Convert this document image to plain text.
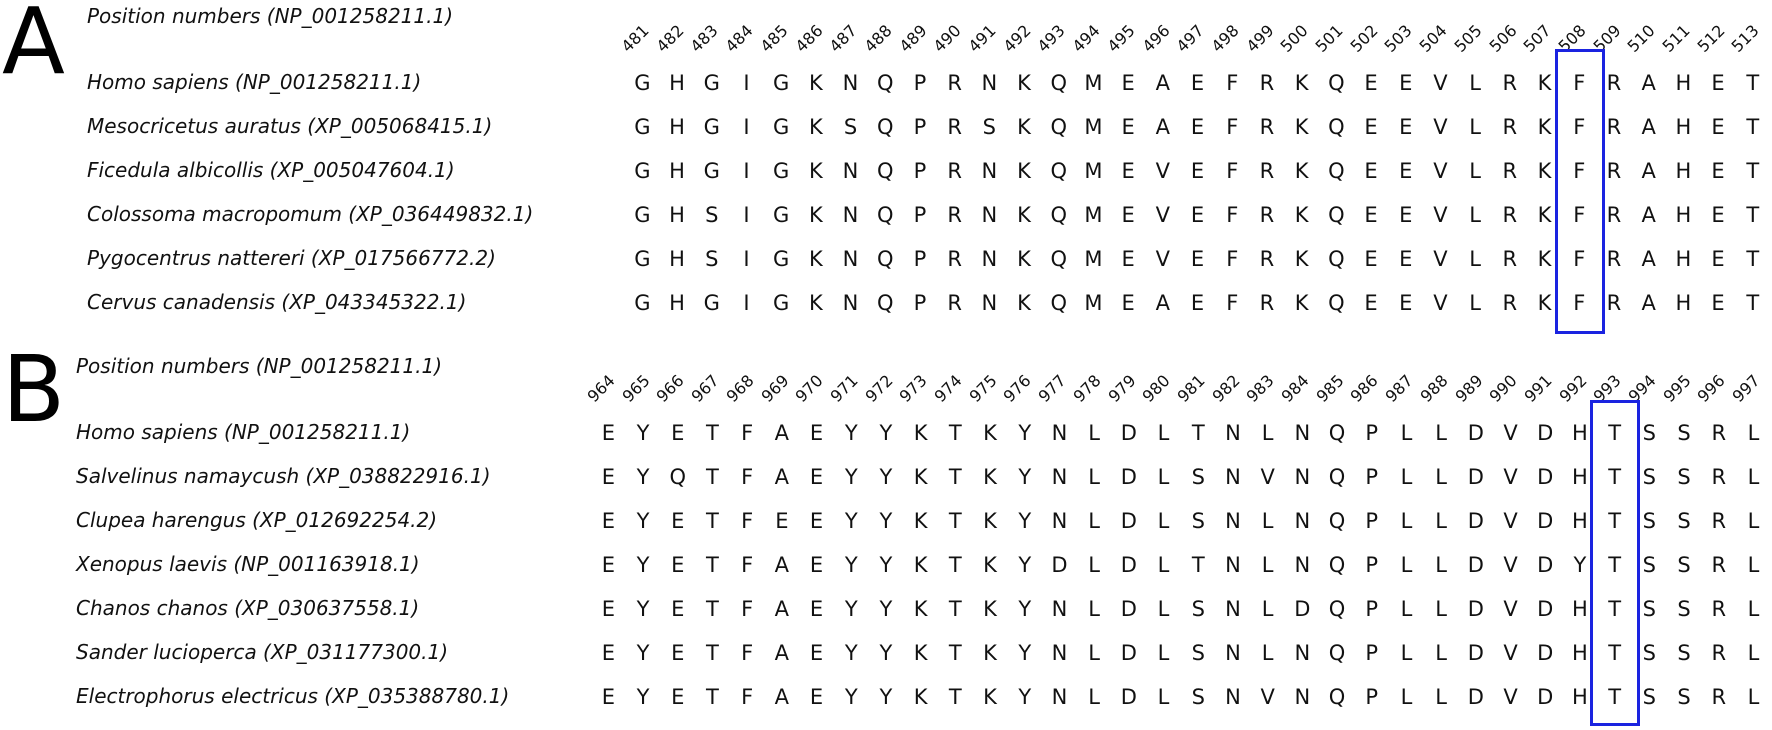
A Position numbers (NP_001258211.1)
481 482 483 484 485 486 487 488 489 490 491 492 493 494 495 496 497 498 499 500 501 502 503 504 505 506 507 508 509 510 511 512 513
Homo sapiens (NP_001258211.1)	G H G	I	G K N Q P	R N K Q M E A E	F	R K Q E	E V	L	R K	F	R A H E	T
Mesocricetus auratus (XP_005068415.1)	G H G	I	G K	S Q P	R S	K Q M E A E	F	R K Q E	E V	L	R K	F	R A H E	T
Ficedula albicollis (XP_005047604.1)	G H G	I	G K N Q P	R N K Q M E V E	F	R K Q E	E V	L	R K	F	R A H E	T
Colossoma macropomum (XP_036449832.1)	G H S	I	G K N Q P	R N K Q M E V E	F	R K Q E	E V	L	R K	F	R A H E	T
Pygocentrus nattereri (XP_017566772.2)	G H S	I	G K N Q P	R N K Q M E V E	F	R K Q E	E V	L	R K	F	R A H E	T
Cervus canadensis (XP_043345322.1)	G H G	I	G K N Q P	R N K Q M E A E	F	R K Q E	E V	L	R K	F	R A H E	T
B Position numbers (NP_001258211.1)
964 965 966 967 968 969 970 971 972 973 974 975 976 977 978 979 980 981 982 983 984 985 986 987 988 989 990 991 992 993 994 995 996 997
Homo sapiens (NP_001258211.1)	E	Y	E	T	F	A E	Y	Y	K	T	K	Y N L D L	T N L	N Q P	L	L D V D H T	S	S R	L
Salvelinus namaycush (XP_038822916.1)	E	Y Q T	F	A E	Y	Y	K	T	K	Y N L D L	S N V N Q P	L	L D V D H T	S	S R	L
Clupea harengus (XP_012692254.2)	E	Y	E	T	F	E	E	Y	Y	K	T	K	Y N L D L	S N L	N Q P	L	L D V D H T	S	S R	L
Xenopus laevis (NP_001163918.1)	E	Y	E	T	F	A E	Y	Y	K	T	K	Y D L D L	T N L	N Q P	L	L D V D Y	T	S	S R	L
Chanos chanos (XP_030637558.1)	E	Y	E	T	F	A E	Y	Y	K	T	K	Y N L D L	S N L D Q P	L	L D V D H T	S	S R	L
Sander lucioperca (XP_031177300.1)	E	Y	E	T	F	A E	Y	Y	K	T	K	Y N L D L	S N L	N Q P	L	L D V D H T	S	S R	L
Electrophorus electricus (XP_035388780.1)	E	Y	E	T	F	A E	Y	Y	K	T	K	Y N L D L	S N V N Q P	L	L D V D H T	S	S R	L
